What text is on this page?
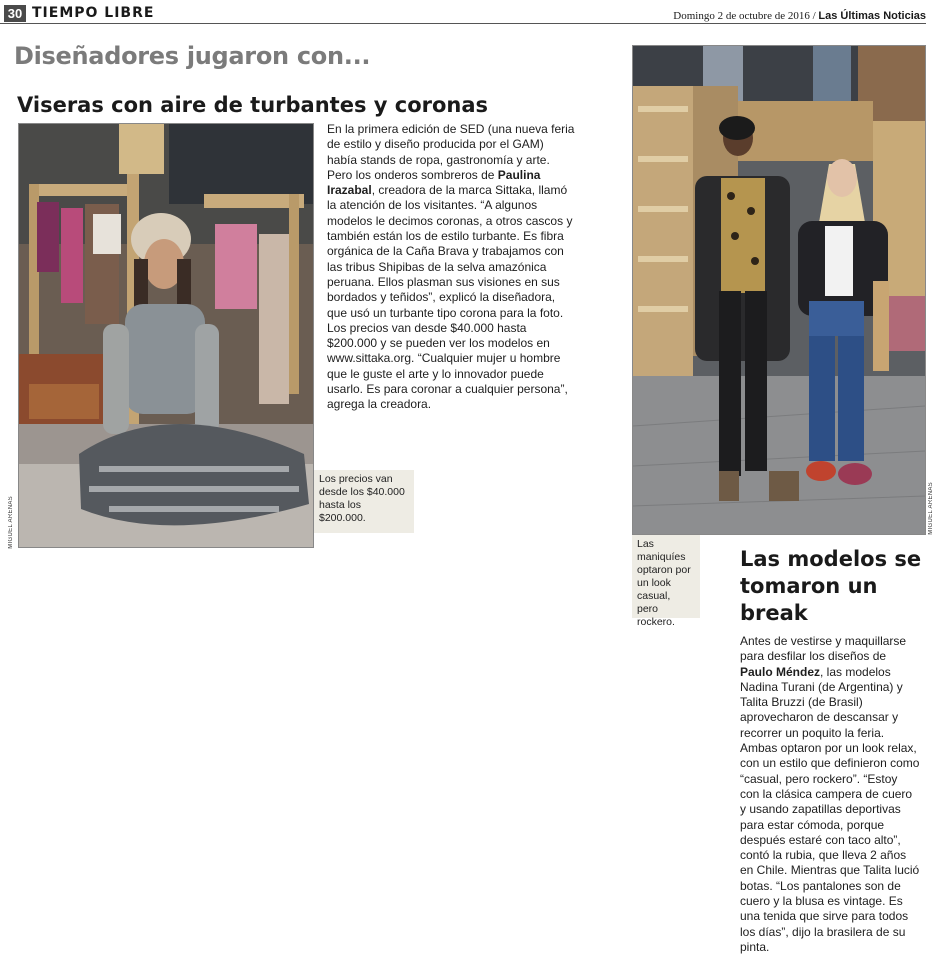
30 TIEMPO LIBRE	Domingo 2 de octubre de 2016 / Las Últimas Noticias
Diseñadores jugaron con...
Viseras con aire de turbantes y coronas
MIGUEL ARENAS

En la primera edición de SED (una nueva feria de estilo y diseño producida por el GAM) había stands de ropa, gastronomía y arte. Pero los onderos sombreros de Paulina Irazabal, creadora de la marca Sittaka, llamó la atención de los visitantes. “A algunos modelos le decimos coronas, a otros cascos y también están los de estilo turbante. Es fibra orgánica de la Caña Brava y trabajamos con las tribus Shipibas de la selva amazónica peruana. Ellos plasman sus visiones en sus bordados y teñidos”, explicó la diseñadora, que usó un turbante tipo corona para la foto. Los precios van desde $40.000 hasta $200.000 y se pueden ver los modelos en www.sittaka.org. “Cualquier mujer u hombre que le guste el arte y lo innovador puede usarlo. Es para coronar a cualquier persona”, agrega la creadora.

Los precios van desde los $40.000 hasta los $200.000.	MIGUEL ARENAS
Las maniquíes optaron por un look casual, pero rockero.
Las modelos se tomaron un break

Antes de vestirse y maquillarse para desfilar los diseños de Paulo Méndez, las modelos Nadina Turani (de Argentina) y Talita Bruzzi (de Brasil) aprovecharon de descansar y recorrer un poquito la feria. Ambas optaron por un look relax, con un estilo que definieron como “casual, pero rockero”. “Estoy con la clásica campera de cuero y usando zapatillas deportivas para estar cómoda, porque después estaré con taco alto”, contó la rubia, que lleva 2 años en Chile. Mientras que Talita lució botas. “Los pantalones son de cuero y la blusa es vintage. Es una tenida que sirve para todos los días”, dijo la brasilera de su pinta.
